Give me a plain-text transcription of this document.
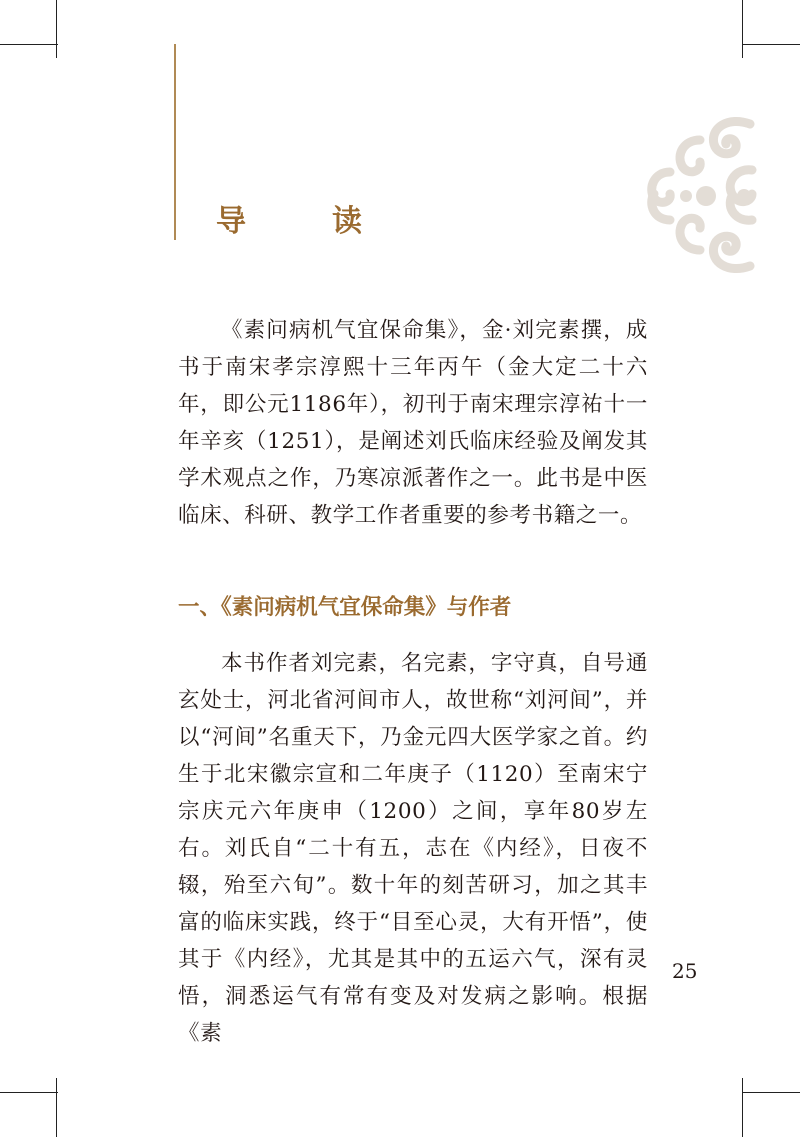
导　读

《素问病机气宜保命集》，金·刘完素撰，成书于南宋孝宗淳熙十三年丙午（金大定二十六年，即公元1186年），初刊于南宋理宗淳祐十一年辛亥（1251），是阐述刘氏临床经验及阐发其学术观点之作，乃寒凉派著作之一。此书是中医临床、科研、教学工作者重要的参考书籍之一。

一、《素问病机气宜保命集》与作者

本书作者刘完素，名完素，字守真，自号通玄处士，河北省河间市人，故世称“刘河间”，并以“河间”名重天下，乃金元四大医学家之首。约生于北宋徽宗宣和二年庚子（1120）至南宋宁宗庆元六年庚申（1200）之间，享年80岁左右。刘氏自“二十有五，志在《内经》，日夜不辍，殆至六旬”。数十年的刻苦研习，加之其丰富的临床实践，终于“目至心灵，大有开悟”，使其于《内经》，尤其是其中的五运六气，深有灵悟，洞悉运气有常有变及对发病之影响。根据《素

25
